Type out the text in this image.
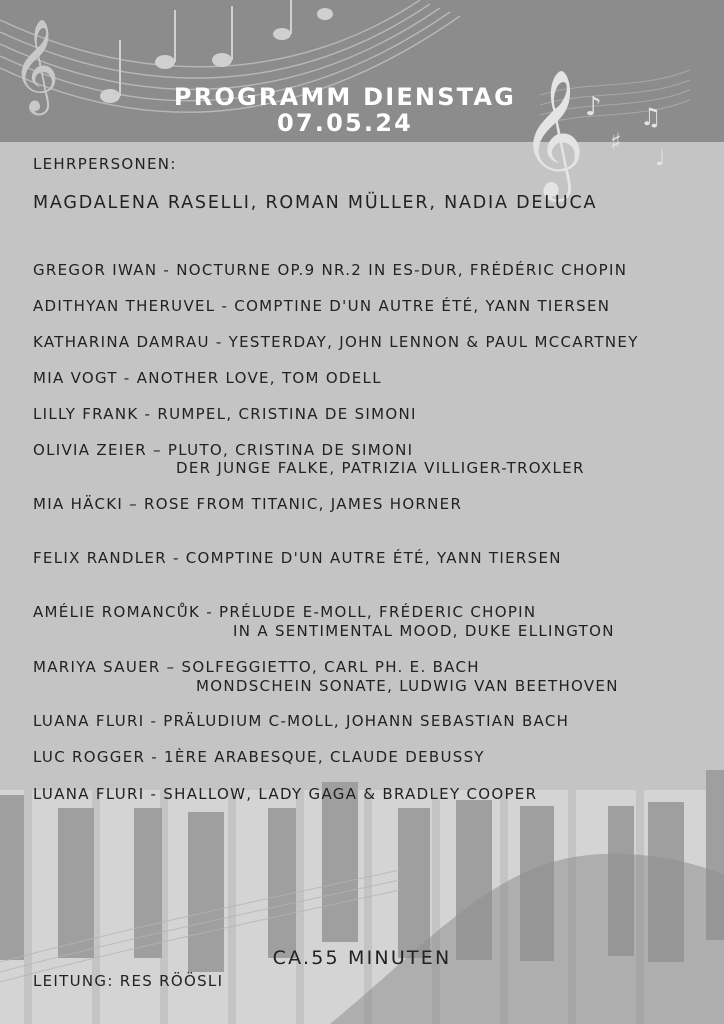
𝄞
𝄞 ♪
♯
♫
♩
PROGRAMM DIENSTAG
07.05.24
LEHRPERSONEN:
MAGDALENA RASELLI, ROMAN MÜLLER, NADIA DELUCA
GREGOR IWAN - NOCTURNE OP.9 NR.2 IN ES-DUR, FRÉDÉRIC CHOPIN
ADITHYAN THERUVEL - COMPTINE D'UN AUTRE ÉTÉ, YANN TIERSEN
KATHARINA DAMRAU - YESTERDAY, JOHN LENNON & PAUL MCCARTNEY
MIA VOGT - ANOTHER LOVE, TOM ODELL
LILLY FRANK - RUMPEL, CRISTINA DE SIMONI
OLIVIA ZEIER – PLUTO, CRISTINA DE SIMONI
DER JUNGE FALKE, PATRIZIA VILLIGER-TROXLER
MIA HÄCKI – ROSE FROM TITANIC, JAMES HORNER
FELIX RANDLER - COMPTINE D'UN AUTRE ÉTÉ, YANN TIERSEN
AMÉLIE ROMANCŮK - PRÉLUDE E-MOLL, FRÉDERIC CHOPIN
IN A SENTIMENTAL MOOD, DUKE ELLINGTON
MARIYA SAUER – SOLFEGGIETTO, CARL PH. E. BACH
MONDSCHEIN SONATE, LUDWIG VAN BEETHOVEN
LUANA FLURI - PRÄLUDIUM C-MOLL, JOHANN SEBASTIAN BACH
LUC ROGGER - 1ÈRE ARABESQUE, CLAUDE DEBUSSY
LUANA FLURI - SHALLOW, LADY GAGA & BRADLEY COOPER
CA.55 MINUTEN
LEITUNG: RES RÖÖSLI
